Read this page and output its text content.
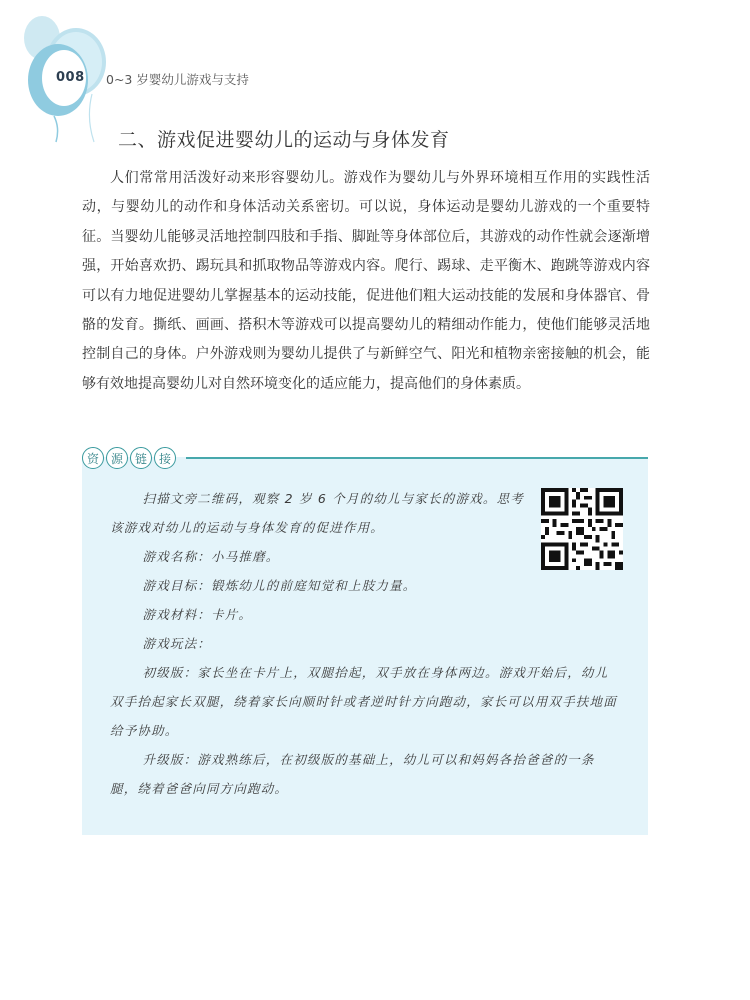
008 0~3 岁婴幼儿游戏与支持
二、游戏促进婴幼儿的运动与身体发育

人们常常用活泼好动来形容婴幼儿。游戏作为婴幼儿与外界环境相互作用的实践性活动，与婴幼儿的动作和身体活动关系密切。可以说，身体运动是婴幼儿游戏的一个重要特征。当婴幼儿能够灵活地控制四肢和手指、脚趾等身体部位后，其游戏的动作性就会逐渐增强，开始喜欢扔、踢玩具和抓取物品等游戏内容。爬行、踢球、走平衡木、跑跳等游戏内容可以有力地促进婴幼儿掌握基本的运动技能，促进他们粗大运动技能的发展和身体器官、骨骼的发育。撕纸、画画、搭积木等游戏可以提高婴幼儿的精细动作能力，使他们能够灵活地控制自己的身体。户外游戏则为婴幼儿提供了与新鲜空气、阳光和植物亲密接触的机会，能够有效地提高婴幼儿对自然环境变化的适应能力，提高他们的身体素质。

资 源 链 接

扫描文旁二维码，观察 2 岁 6 个月的幼儿与家长的游戏。思考该游戏对幼儿的运动与身体发育的促进作用。

游戏名称：小马推磨。

游戏目标：锻炼幼儿的前庭知觉和上肢力量。

游戏材料：卡片。

游戏玩法：

初级版：家长坐在卡片上，双腿抬起，双手放在身体两边。游戏开始后，幼儿双手抬起家长双腿，绕着家长向顺时针或者逆时针方向跑动，家长可以用双手扶地面给予协助。

升级版：游戏熟练后，在初级版的基础上，幼儿可以和妈妈各抬爸爸的一条腿，绕着爸爸向同方向跑动。
